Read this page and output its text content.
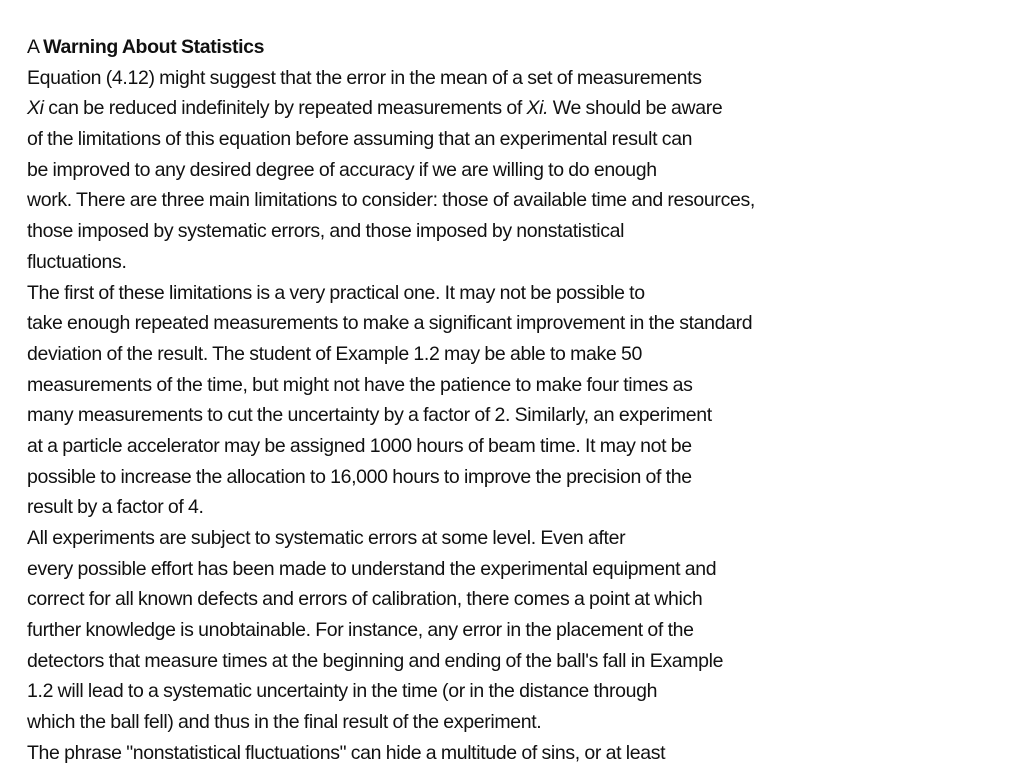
A Warning About Statistics
Equation (4.12) might suggest that the error in the mean of a set of measurements
Xi can be reduced indefinitely by repeated measurements of Xi. We should be aware
of the limitations of this equation before assuming that an experimental result can
be improved to any desired degree of accuracy if we are willing to do enough
work. There are three main limitations to consider: those of available time and resources,
those imposed by systematic errors, and those imposed by nonstatistical
fluctuations.
The first of these limitations is a very practical one. It may not be possible to
take enough repeated measurements to make a significant improvement in the standard
deviation of the result. The student of Example 1.2 may be able to make 50
measurements of the time, but might not have the patience to make four times as
many measurements to cut the uncertainty by a factor of 2. Similarly, an experiment
at a particle accelerator may be assigned 1000 hours of beam time. It may not be
possible to increase the allocation to 16,000 hours to improve the precision of the
result by a factor of 4.
All experiments are subject to systematic errors at some level. Even after
every possible effort has been made to understand the experimental equipment and
correct for all known defects and errors of calibration, there comes a point at which
further knowledge is unobtainable. For instance, any error in the placement of the
detectors that measure times at the beginning and ending of the ball's fall in Example
1.2 will lead to a systematic uncertainty in the time (or in the distance through
which the ball fell) and thus in the final result of the experiment.
The phrase "nonstatistical fluctuations" can hide a multitude of sins, or at least
